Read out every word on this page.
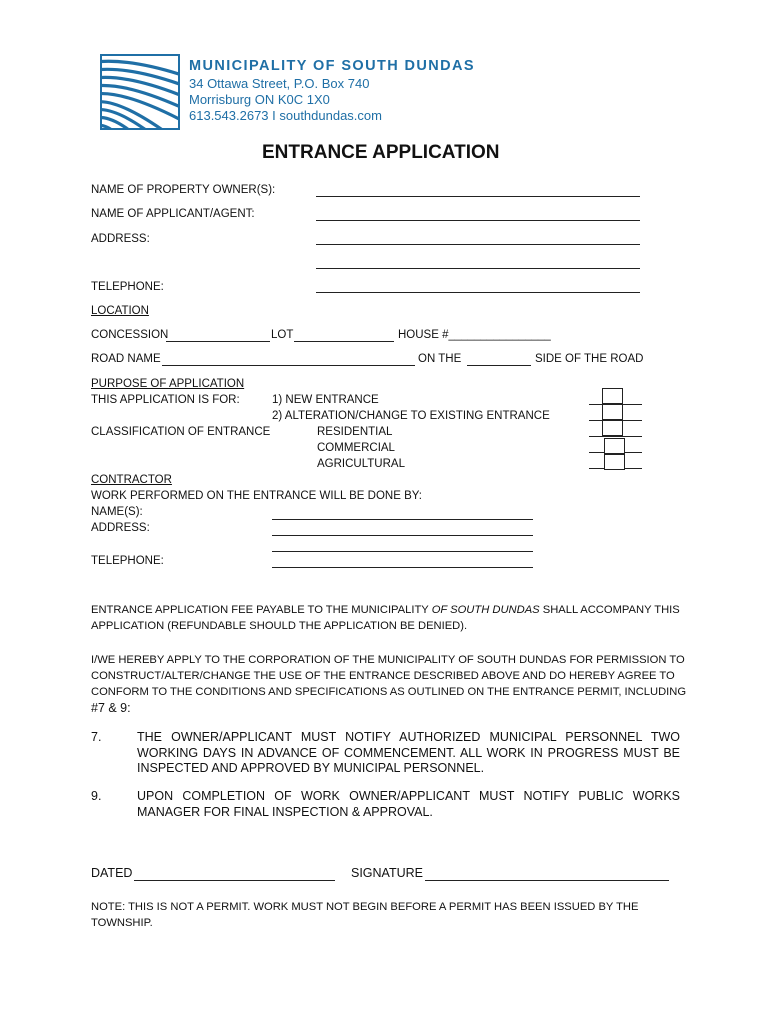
MUNICIPALITY OF SOUTH DUNDAS
34 Ottawa Street, P.O. Box 740
Morrisburg ON K0C 1X0
613.543.2673 I southdundas.com
ENTRANCE APPLICATION
NAME OF PROPERTY OWNER(S):
NAME OF APPLICANT/AGENT:
ADDRESS:
TELEPHONE:
LOCATION
CONCESSION	LOT	HOUSE #________________
ROAD NAME	ON THE	SIDE OF THE ROAD
PURPOSE OF APPLICATION
THIS APPLICATION IS FOR:	1) NEW ENTRANCE
2) ALTERATION/CHANGE TO EXISTING ENTRANCE
CLASSIFICATION OF ENTRANCE	RESIDENTIAL
COMMERCIAL
AGRICULTURAL
CONTRACTOR
WORK PERFORMED ON THE ENTRANCE WILL BE DONE BY:
NAME(S):
ADDRESS:
TELEPHONE:
ENTRANCE APPLICATION FEE PAYABLE TO THE MUNICIPALITY OF SOUTH DUNDAS SHALL ACCOMPANY THIS
APPLICATION (REFUNDABLE SHOULD THE APPLICATION BE DENIED).
I/WE HEREBY APPLY TO THE CORPORATION OF THE MUNICIPALITY OF SOUTH DUNDAS FOR PERMISSION TO
CONSTRUCT/ALTER/CHANGE THE USE OF THE ENTRANCE DESCRIBED ABOVE AND DO HEREBY AGREE TO
CONFORM TO THE CONDITIONS AND SPECIFICATIONS AS OUTLINED ON THE ENTRANCE PERMIT, INCLUDING
#7 & 9:
7.	THE OWNER/APPLICANT MUST NOTIFY AUTHORIZED MUNICIPAL PERSONNEL TWO WORKING DAYS IN ADVANCE OF COMMENCEMENT. ALL WORK IN PROGRESS MUST BE INSPECTED AND APPROVED BY MUNICIPAL PERSONNEL.
9.	UPON COMPLETION OF WORK OWNER/APPLICANT MUST NOTIFY PUBLIC WORKS MANAGER FOR FINAL INSPECTION & APPROVAL.
DATED	SIGNATURE
NOTE: THIS IS NOT A PERMIT. WORK MUST NOT BEGIN BEFORE A PERMIT HAS BEEN ISSUED BY THE
TOWNSHIP.
